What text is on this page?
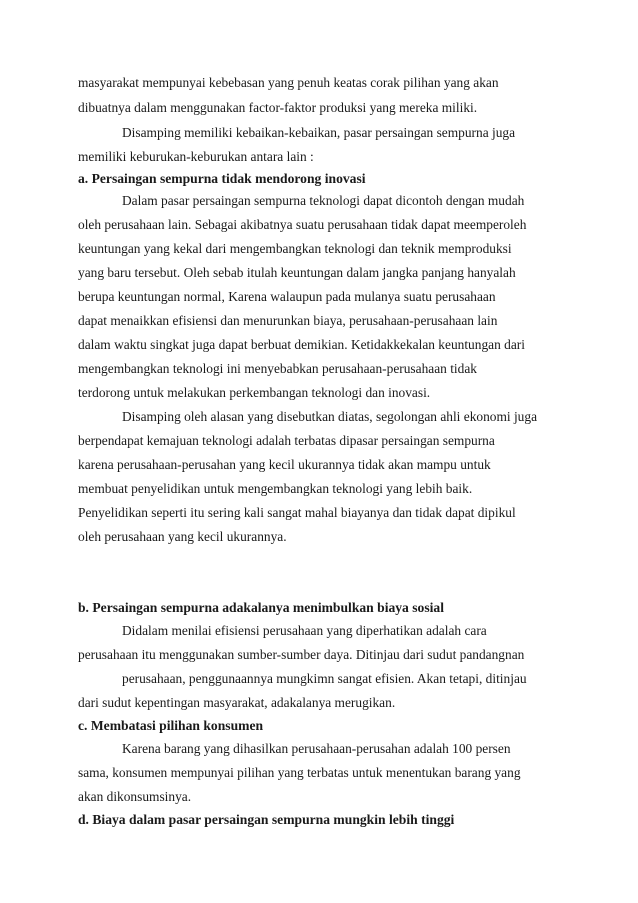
masyarakat mempunyai kebebasan yang penuh keatas corak pilihan yang akan
dibuatnya dalam menggunakan factor-faktor produksi yang mereka miliki.
Disamping memiliki kebaikan-kebaikan, pasar persaingan sempurna juga
memiliki keburukan-keburukan antara lain :
a. Persaingan sempurna tidak mendorong inovasi
Dalam pasar persaingan sempurna teknologi dapat dicontoh dengan mudah
oleh perusahaan lain. Sebagai akibatnya suatu perusahaan tidak dapat meemperoleh
keuntungan yang kekal dari mengembangkan teknologi dan teknik memproduksi
yang baru tersebut. Oleh sebab itulah keuntungan dalam jangka panjang hanyalah
berupa keuntungan normal, Karena walaupun pada mulanya suatu perusahaan
dapat menaikkan efisiensi dan menurunkan biaya, perusahaan-perusahaan lain
dalam waktu singkat juga dapat berbuat demikian. Ketidakkekalan keuntungan dari
mengembangkan teknologi ini menyebabkan perusahaan-perusahaan tidak
terdorong untuk melakukan perkembangan teknologi dan inovasi.
Disamping oleh alasan yang disebutkan diatas, segolongan ahli ekonomi juga
berpendapat kemajuan teknologi adalah terbatas dipasar persaingan sempurna
karena perusahaan-perusahan yang kecil ukurannya tidak akan mampu untuk
membuat penyelidikan untuk mengembangkan teknologi yang lebih baik.
Penyelidikan seperti itu sering kali sangat mahal biayanya dan tidak dapat dipikul
oleh perusahaan yang kecil ukurannya.
b. Persaingan sempurna adakalanya menimbulkan biaya sosial
Didalam menilai efisiensi perusahaan yang diperhatikan adalah cara
perusahaan itu menggunakan sumber-sumber daya. Ditinjau dari sudut pandangnan
perusahaan, penggunaannya mungkimn sangat efisien. Akan tetapi, ditinjau
dari sudut kepentingan masyarakat, adakalanya merugikan.
c. Membatasi pilihan konsumen
Karena barang yang dihasilkan perusahaan-perusahan adalah 100 persen
sama, konsumen mempunyai pilihan yang terbatas untuk menentukan barang yang
akan dikonsumsinya.
d. Biaya dalam pasar persaingan sempurna mungkin lebih tinggi
